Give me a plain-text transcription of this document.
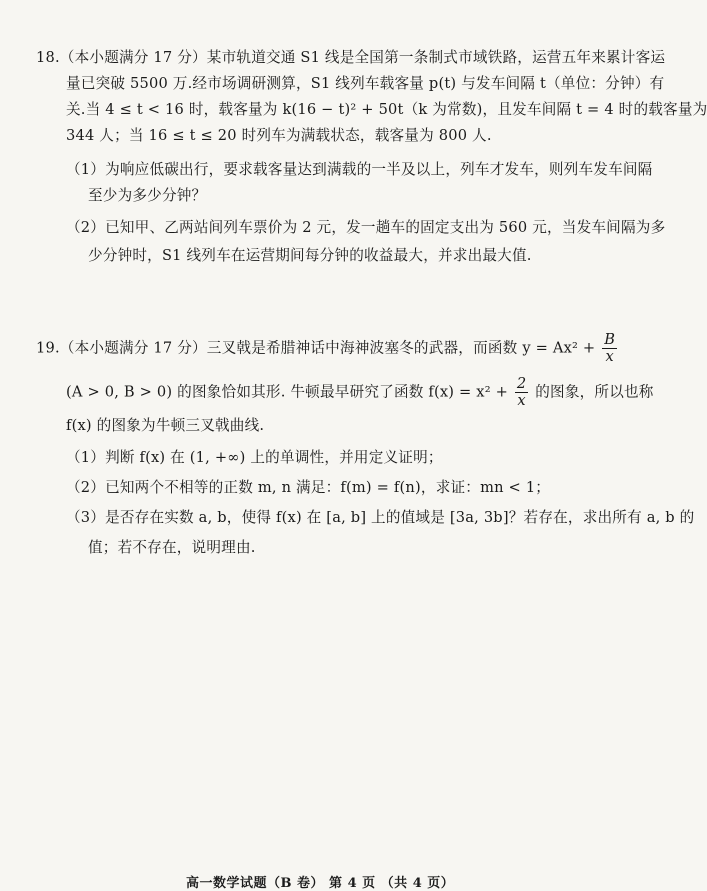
18.（本小题满分 17 分）某市轨道交通 S1 线是全国第一条制式市域铁路，运营五年来累计客运
量已突破 5500 万.经市场调研测算，S1 线列车载客量 p(t) 与发车间隔 t（单位：分钟）有
关.当 4 ≤ t < 16 时，载客量为 k(16 − t)² + 50t（k 为常数)，且发车间隔 t = 4 时的载客量为
344 人；当 16 ≤ t ≤ 20 时列车为满载状态，载客量为 800 人.
（1）为响应低碳出行，要求载客量达到满载的一半及以上，列车才发车，则列车发车间隔
至少为多少分钟？
（2）已知甲、乙两站间列车票价为 2 元，发一趟车的固定支出为 560 元，当发车间隔为多
少分钟时，S1 线列车在运营期间每分钟的收益最大，并求出最大值.
19.（本小题满分 17 分）三叉戟是希腊神话中海神波塞冬的武器，而函数 $y = Ax^2 + \frac{B}{x}$
(A > 0, B > 0) 的图象恰如其形. 牛顿最早研究了函数 $f(x) = x^2 + \frac{2}{x}$ 的图象，所以也称
f(x) 的图象为牛顿三叉戟曲线.
（1）判断 f(x) 在 (1, +∞) 上的单调性，并用定义证明；
（2）已知两个不相等的正数 m, n 满足：f(m) = f(n)，求证：mn < 1；
（3）是否存在实数 a, b，使得 f(x) 在 [a, b] 上的值域是 [3a, 3b]？若存在，求出所有 a, b 的
值；若不存在，说明理由.
高一数学试题（B 卷） 第 4 页 （共 4 页）
